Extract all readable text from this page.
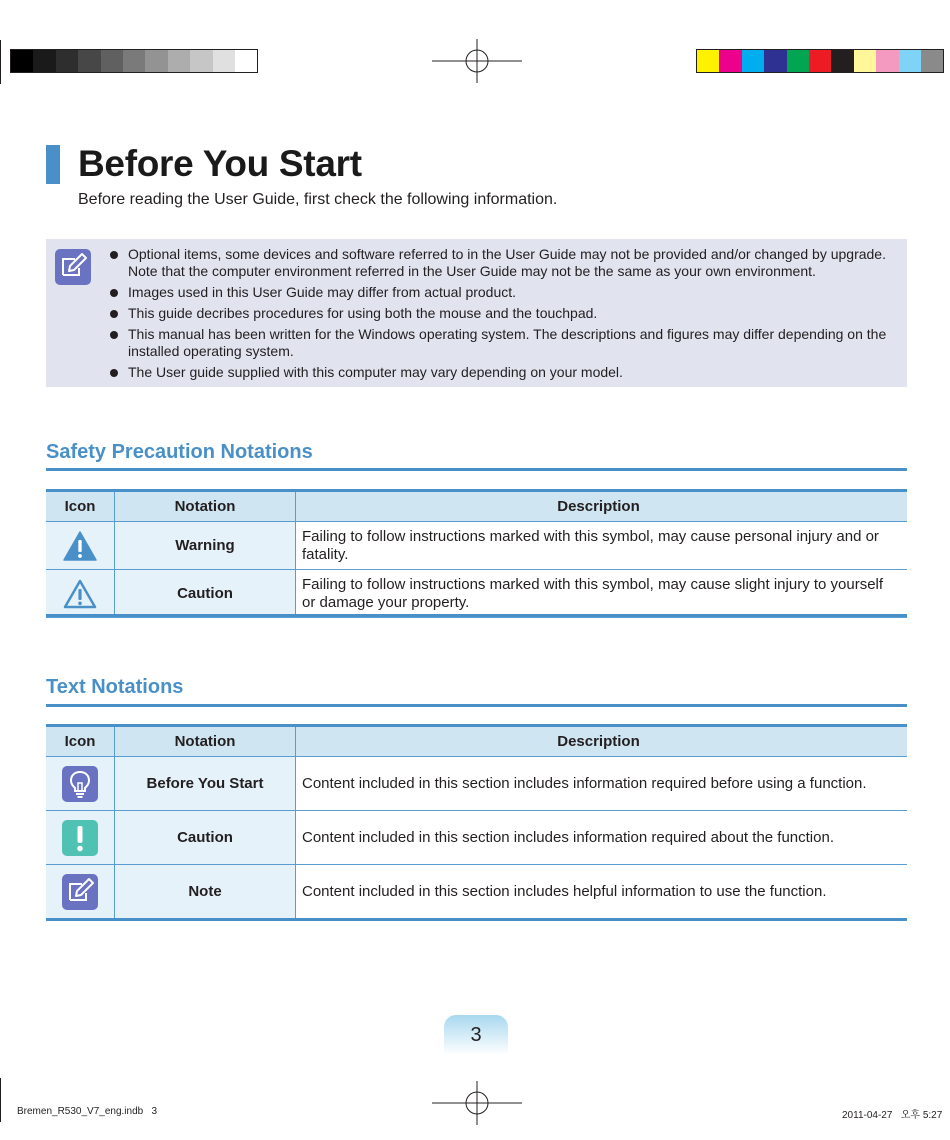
Before You Start
Before reading the User Guide, first check the following information.
Optional items, some devices and software referred to in the User Guide may not be provided and/or changed by upgrade. Note that the computer environment referred in the User Guide may not be the same as your own environment.
Images used in this User Guide may differ from actual product.
This guide decribes procedures for using both the mouse and the touchpad.
This manual has been written for the Windows operating system. The descriptions and figures may differ depending on the installed operating system.
The User guide supplied with this computer may vary depending on your model.
Safety Precaution Notations
Icon	Notation	Description
	Warning	Failing to follow instructions marked with this symbol, may cause personal injury and or fatality.
	Caution	Failing to follow instructions marked with this symbol, may cause slight injury to yourself or damage your property.
Text Notations
Icon	Notation	Description
	Before You Start	Content included in this section includes information required before using a function.
	Caution	Content included in this section includes information required about the function.
	Note	Content included in this section includes helpful information to use the function.
3
Bremen_R530_V7_eng.indb   3	2011-04-27   오후 5:27
